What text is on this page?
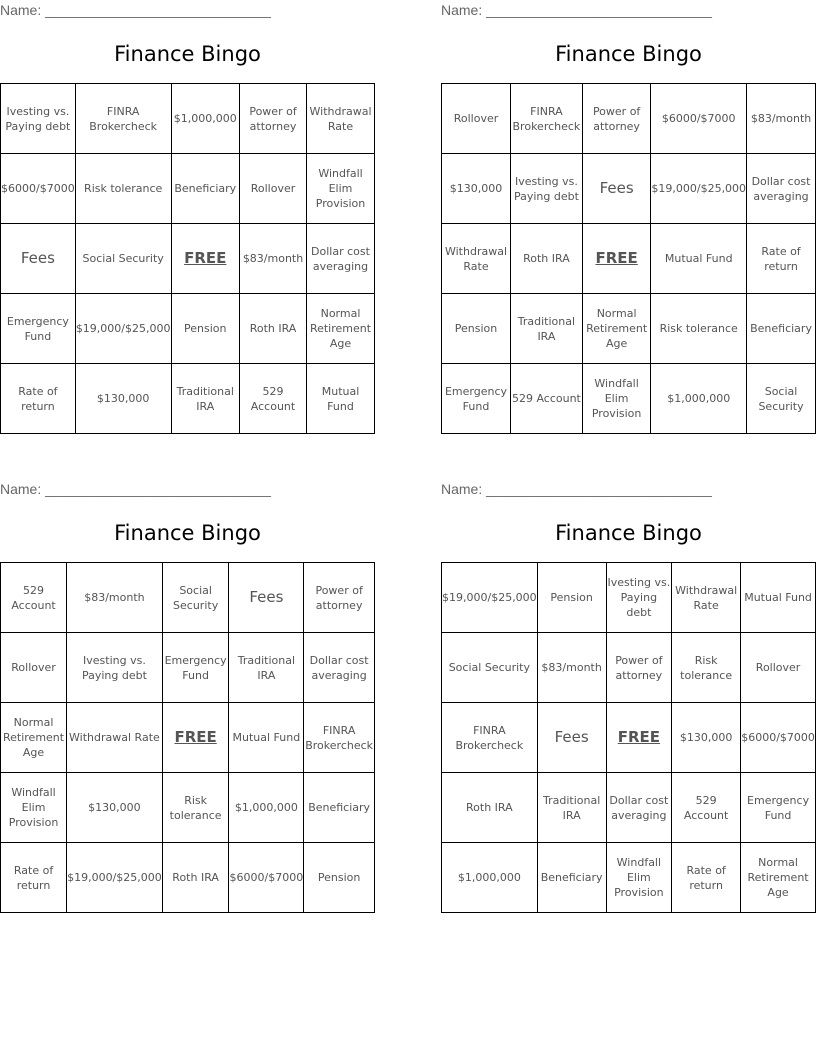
Name: _____________________________
Finance Bingo
Ivesting vs. Paying debt	FINRA Brokercheck	$1,000,000	Power of attorney	Withdrawal Rate
$6000/$7000	Risk tolerance	Beneficiary	Rollover	Windfall Elim Provision
Fees	Social Security	FREE	$83/month	Dollar cost averaging
Emergency Fund	$19,000/$25,000	Pension	Roth IRA	Normal Retirement Age
Rate of return	$130,000	Traditional IRA	529 Account	Mutual Fund
Name: _____________________________
Finance Bingo
Rollover	FINRA Brokercheck	Power of attorney	$6000/$7000	$83/month
$130,000	Ivesting vs. Paying debt	Fees	$19,000/$25,000	Dollar cost averaging
Withdrawal Rate	Roth IRA	FREE	Mutual Fund	Rate of return
Pension	Traditional IRA	Normal Retirement Age	Risk tolerance	Beneficiary
Emergency Fund	529 Account	Windfall Elim Provision	$1,000,000	Social Security
Name: _____________________________
Finance Bingo
529 Account	$83/month	Social Security	Fees	Power of attorney
Rollover	Ivesting vs. Paying debt	Emergency Fund	Traditional IRA	Dollar cost averaging
Normal Retirement Age	Withdrawal Rate	FREE	Mutual Fund	FINRA Brokercheck
Windfall Elim Provision	$130,000	Risk tolerance	$1,000,000	Beneficiary
Rate of return	$19,000/$25,000	Roth IRA	$6000/$7000	Pension
Name: _____________________________
Finance Bingo
$19,000/$25,000	Pension	Ivesting vs. Paying debt	Withdrawal Rate	Mutual Fund
Social Security	$83/month	Power of attorney	Risk tolerance	Rollover
FINRA Brokercheck	Fees	FREE	$130,000	$6000/$7000
Roth IRA	Traditional IRA	Dollar cost averaging	529 Account	Emergency Fund
$1,000,000	Beneficiary	Windfall Elim Provision	Rate of return	Normal Retirement Age
